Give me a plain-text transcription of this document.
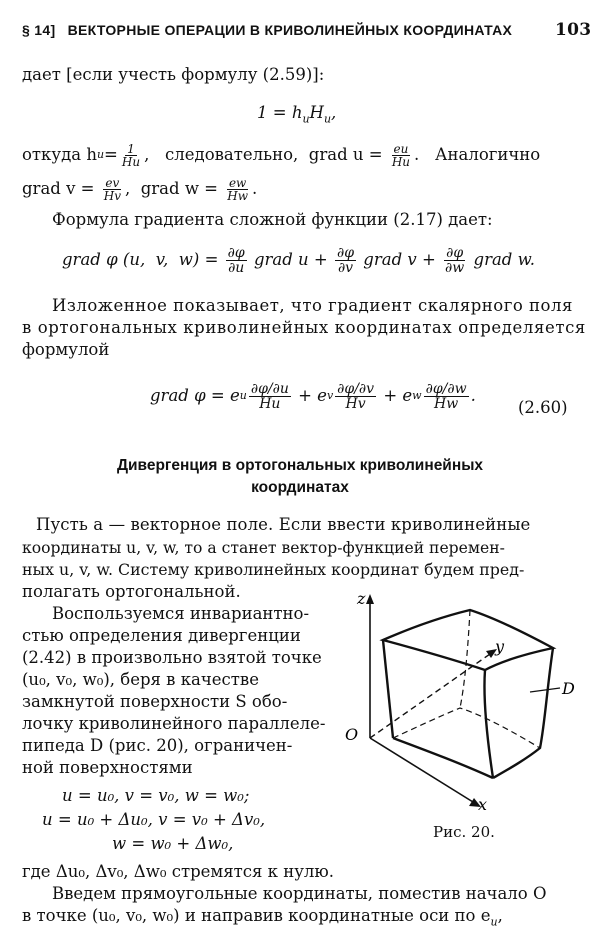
§ 14] ВЕКТОРНЫЕ ОПЕРАЦИИ В КРИВОЛИНЕЙНЫХ КООРДИНАТАХ	103
дает [если учесть формулу (2.59)]:
$1 = h_uH_u$,
откуда h $u = \frac{1}{Hu}$ ,   следовательно,  grad $u = \frac{eu}{Hu}$ .   Аналогично
grad $v = \frac{ev}{Hv}$ ,  grad $w = \frac{ew}{Hw}$ .
Формула градиента сложной функции (2.17) дает:
grad φ (u,  v,  $w) = \frac{\partial\varphi}{\partial u}$ grad $u + \frac{\partial\varphi}{\partial v}$ grad $v + \frac{\partial\varphi}{\partial w}$ grad w.
Изложенное показывает, что градиент скалярного поля
в ортогональных криволинейных координатах определяется
формулой
grad φ = e u $\frac{\partial\varphi/\partial u}{Hu} + e$ v $\frac{\partial\varphi/\partial v}{Hv} + e$ w $\frac{\partial\varphi/\partial w}{Hw}$ .
(2.60)
Дивергенция в ортогональных криволинейных
координатах
Пусть a — векторное поле. Если ввести криволинейные
координаты u, v, w, то a станет вектор-функцией перемен-
ных u, v, w. Систему криволинейных координат будем пред-
полагать ортогональной.
Воспользуемся инвариантно-
стью определения дивергенции
(2.42) в произвольно взятой точке
(u₀, v₀, w₀), беря в качестве
замкнутой поверхности S обо-
лочку криволинейного параллеле-
пипеда D (рис. 20), ограничен-
ной поверхностями
u = u₀, v = v₀, w = w₀;
u = u₀ + Δu₀, v = v₀ + Δv₀,
w = w₀ + Δw₀,
где Δu₀, Δv₀, Δw₀ стремятся к нулю.
Введем прямоугольные координаты, поместив начало O
в точке (u₀, v₀, w₀) и направив координатные оси по $e_u$,
z
x
y
O
D
Рис. 20.
